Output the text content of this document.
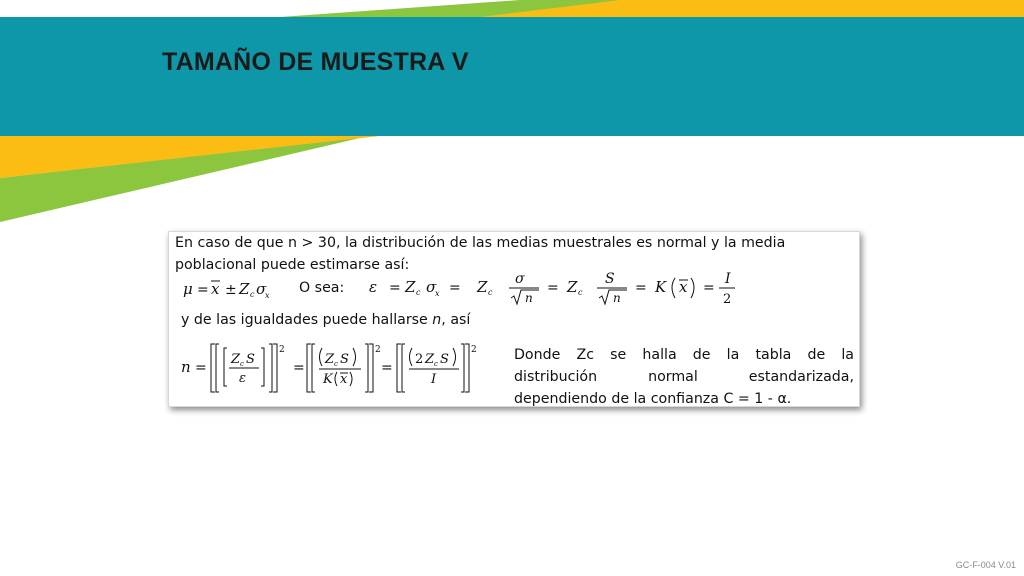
TAMAÑO DE MUESTRA V
En caso de que n > 30, la distribución de las medias muestrales es normal y la media
poblacional puede estimarse así:
O sea:
y de las igualdades puede hallarse n, así
μ = x ± Z c σ
x	ε = Z c σ
x = Z c
σ
n
= Z c
S
n
= K x =
I
2
n =
Z c S
ε
2
=
Z c S
K x
2
=
2 Z c S
I
2	Donde Zc se halla de la tabla de la
distribución normal estandarizada,
dependiendo de la confianza C = 1 - α.
GC-F-004 V.01
